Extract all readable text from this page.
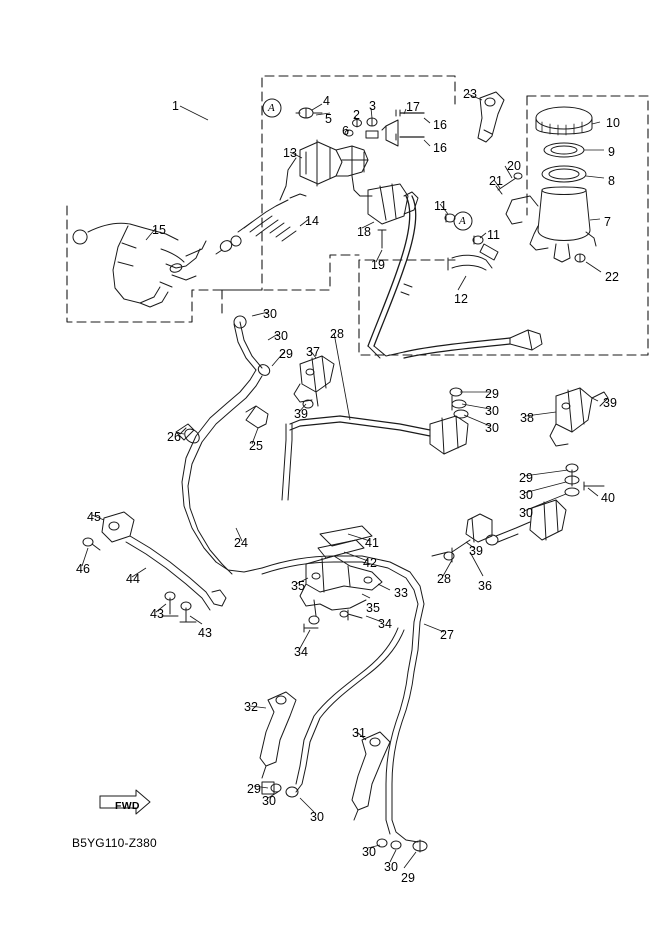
A
A
1
2
3
4
5
6
7
8
9
10
11
11
12
13
14
15
16
16
17
18
19
20
21
22
23
24
25
26
27
28
28
29
29
29
29
29
30
30
30
30
30
30
30
30
30
30
31
32
33
34
34
35
35
36
37
38
39
39
39
40
41
42
43
43
44
45
46
FWD
B5YG110-Z380
